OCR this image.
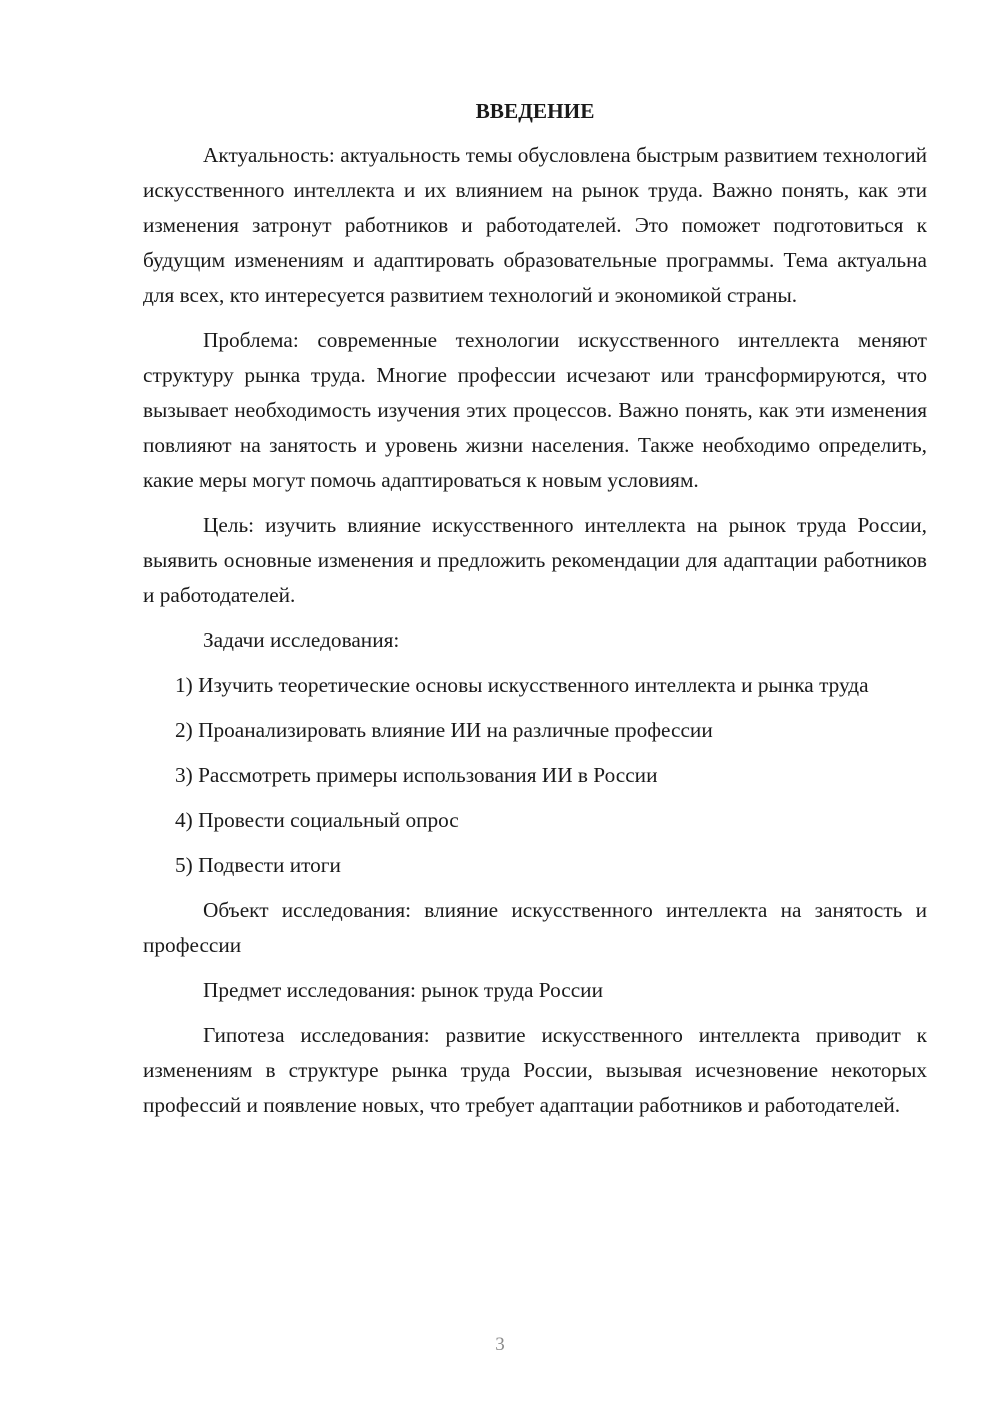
ВВЕДЕНИЕ

Актуальность: актуальность темы обусловлена быстрым развитием технологий искусственного интеллекта и их влиянием на рынок труда. Важно понять, как эти изменения затронут работников и работодателей. Это поможет подготовиться к будущим изменениям и адаптировать образовательные программы. Тема актуальна для всех, кто интересуется развитием технологий и экономикой страны.

Проблема: современные технологии искусственного интеллекта меняют структуру рынка труда. Многие профессии исчезают или трансформируются, что вызывает необходимость изучения этих процессов. Важно понять, как эти изменения повлияют на занятость и уровень жизни населения. Также необходимо определить, какие меры могут помочь адаптироваться к новым условиям.

Цель: изучить влияние искусственного интеллекта на рынок труда России, выявить основные изменения и предложить рекомендации для адаптации работников и работодателей.

Задачи исследования:

1) Изучить теоретические основы искусственного интеллекта и рынка труда

2) Проанализировать влияние ИИ на различные профессии

3) Рассмотреть примеры использования ИИ в России

4) Провести социальный опрос

5) Подвести итоги

Объект исследования: влияние искусственного интеллекта на занятость и профессии

Предмет исследования: рынок труда России

Гипотеза исследования: развитие искусственного интеллекта приводит к изменениям в структуре рынка труда России, вызывая исчезновение некоторых профессий и появление новых, что требует адаптации работников и работодателей.

3
